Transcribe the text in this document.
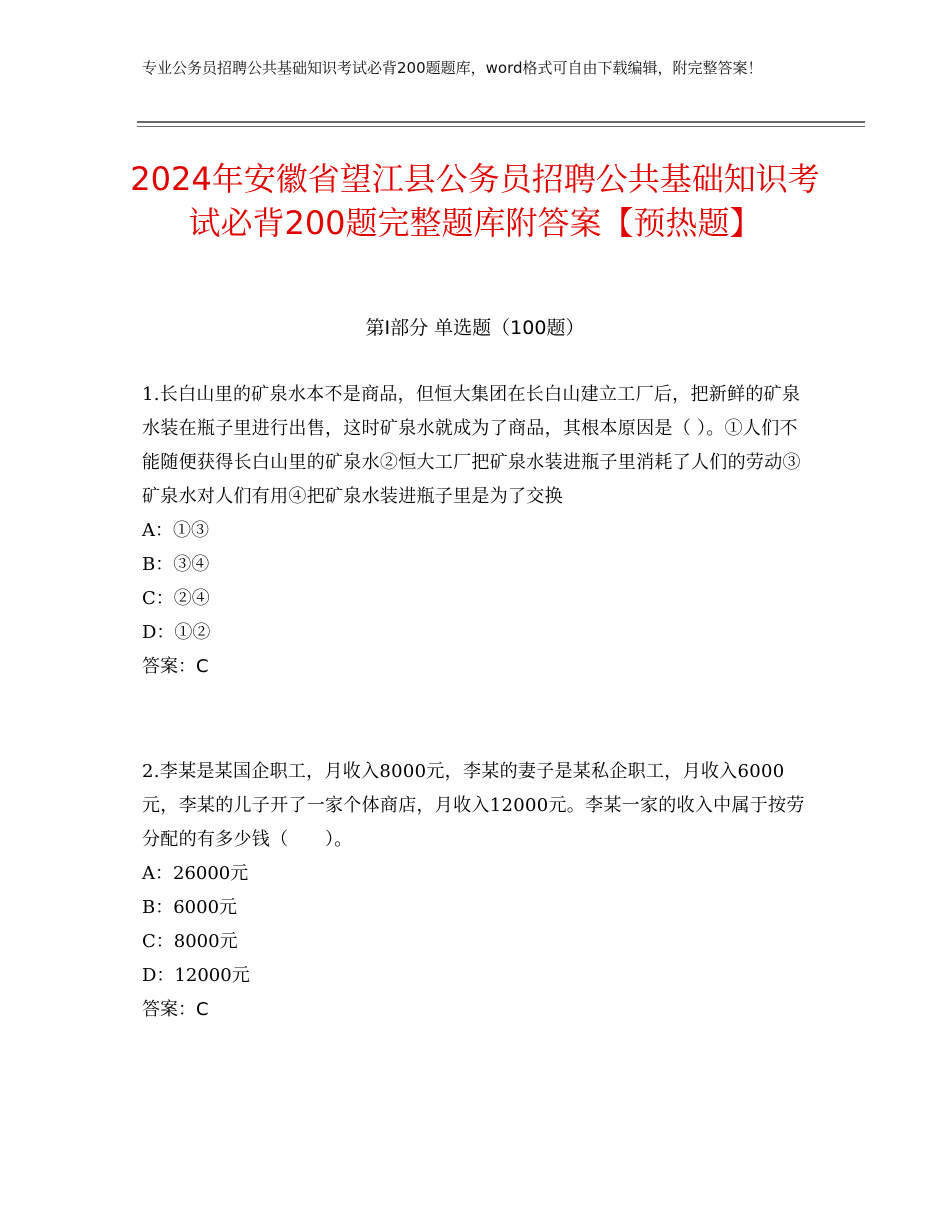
专业公务员招聘公共基础知识考试必背200题题库，word格式可自由下载编辑，附完整答案！
2024年安徽省望江县公务员招聘公共基础知识考试必背200题完整题库附答案【预热题】
第Ⅰ部分 单选题（100题）
1.长白山里的矿泉水本不是商品，但恒大集团在长白山建立工厂后，把新鲜的矿泉水装在瓶子里进行出售，这时矿泉水就成为了商品，其根本原因是（ ）。①人们不能随便获得长白山里的矿泉水②恒大工厂把矿泉水装进瓶子里消耗了人们的劳动③矿泉水对人们有用④把矿泉水装进瓶子里是为了交换
A：①③
B：③④
C：②④
D：①②
答案：C
2.李某是某国企职工，月收入8000元，李某的妻子是某私企职工，月收入6000元，李某的儿子开了一家个体商店，月收入12000元。李某一家的收入中属于按劳分配的有多少钱（　　）。
A：26000元
B：6000元
C：8000元
D：12000元
答案：C
